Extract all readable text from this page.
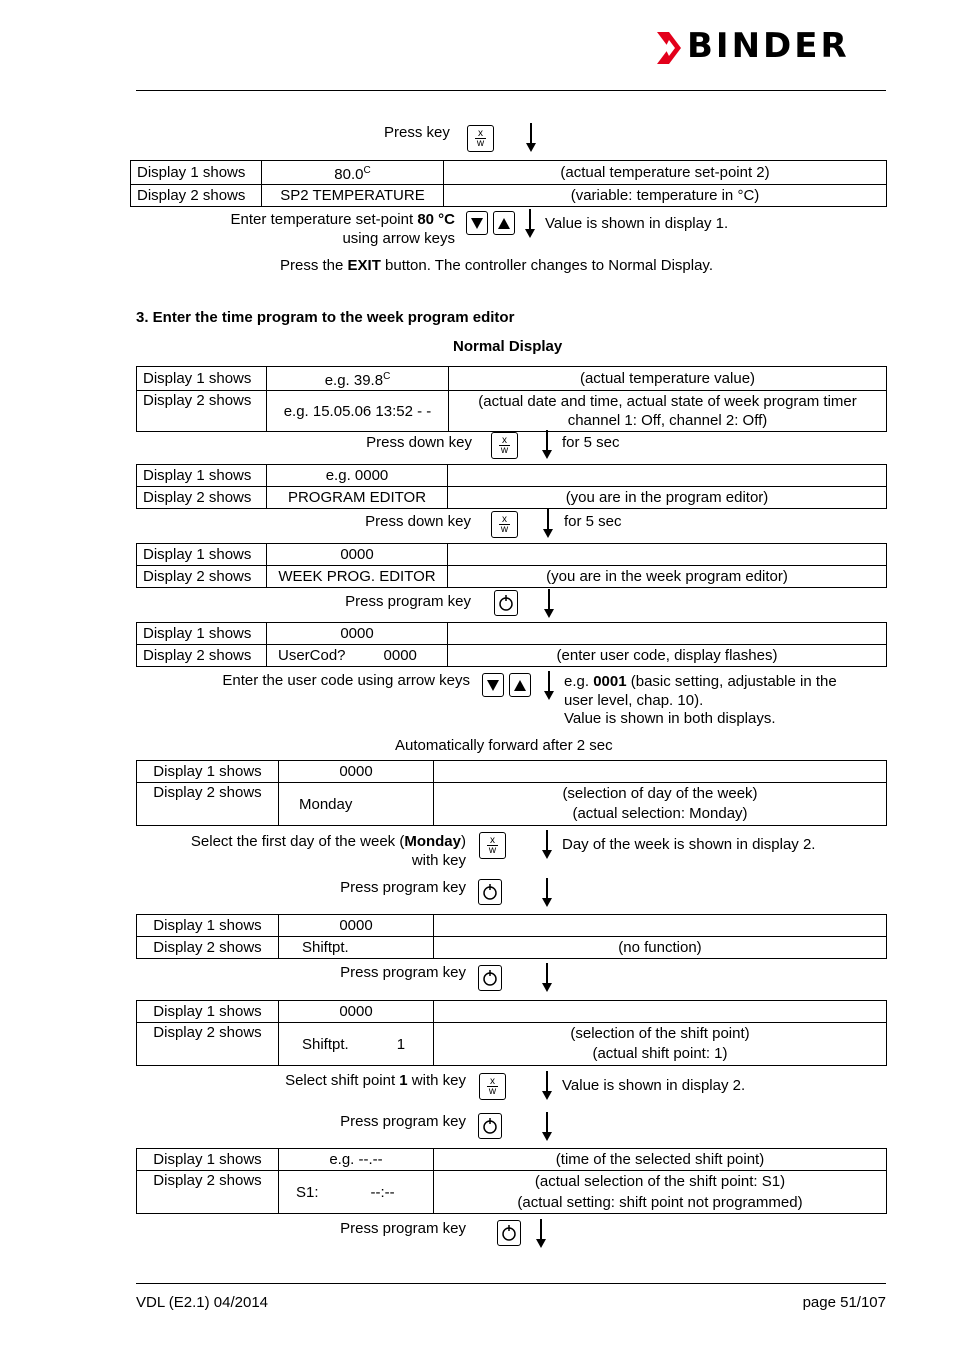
BINDER
Press key	x
w
Display 1 shows	$80.0^C$	(actual temperature set-point 2)
Display 2 shows	SP2 TEMPERATURE	(variable: temperature in °C)
Enter temperature set-point 80 °C
using arrow keys
Value is shown in display 1.
Press the EXIT button. The controller changes to Normal Display.
3. Enter the time program to the week program editor
Normal Display
Display 1 shows	e.g. $39.8^C$	(actual temperature value)
Display 2 shows	e.g. 15.05.06 13:52 - -	(actual date and time, actual state of week program timer
channel 1: Off, channel 2: Off)
Press down key	x
w	for 5 sec
Display 1 shows	e.g. 0000	
Display 2 shows	PROGRAM EDITOR	(you are in the program editor)
Press down key	x
w	for 5 sec
Display 1 shows	0000	
Display 2 shows	WEEK PROG. EDITOR	(you are in the week program editor)
Press program key
Display 1 shows	0000	
Display 2 shows	UserCod? 0000	(enter user code, display flashes)
Enter the user code using arrow keys	e.g. 0001 (basic setting, adjustable in the
user level, chap. 10).
Value is shown in both displays.
Automatically forward after 2 sec
Display 1 shows	0000	
Display 2 shows	Monday	(selection of day of the week)
(actual selection: Monday)
Select the first day of the week (Monday)
with key
x
w	Day of the week is shown in display 2.
Press program key
Display 1 shows	0000	
Display 2 shows	Shiftpt.	(no function)
Press program key
Display 1 shows	0000	
Display 2 shows	Shiftpt. 1	(selection of the shift point)
(actual shift point: 1)
Select shift point 1 with key	x
w	Value is shown in display 2.
Press program key
Display 1 shows	e.g. --.--	(time of the selected shift point)
Display 2 shows	S1: --:--	(actual selection of the shift point: S1)
(actual setting: shift point not programmed)
Press program key
VDL (E2.1) 04/2014	page 51/107
